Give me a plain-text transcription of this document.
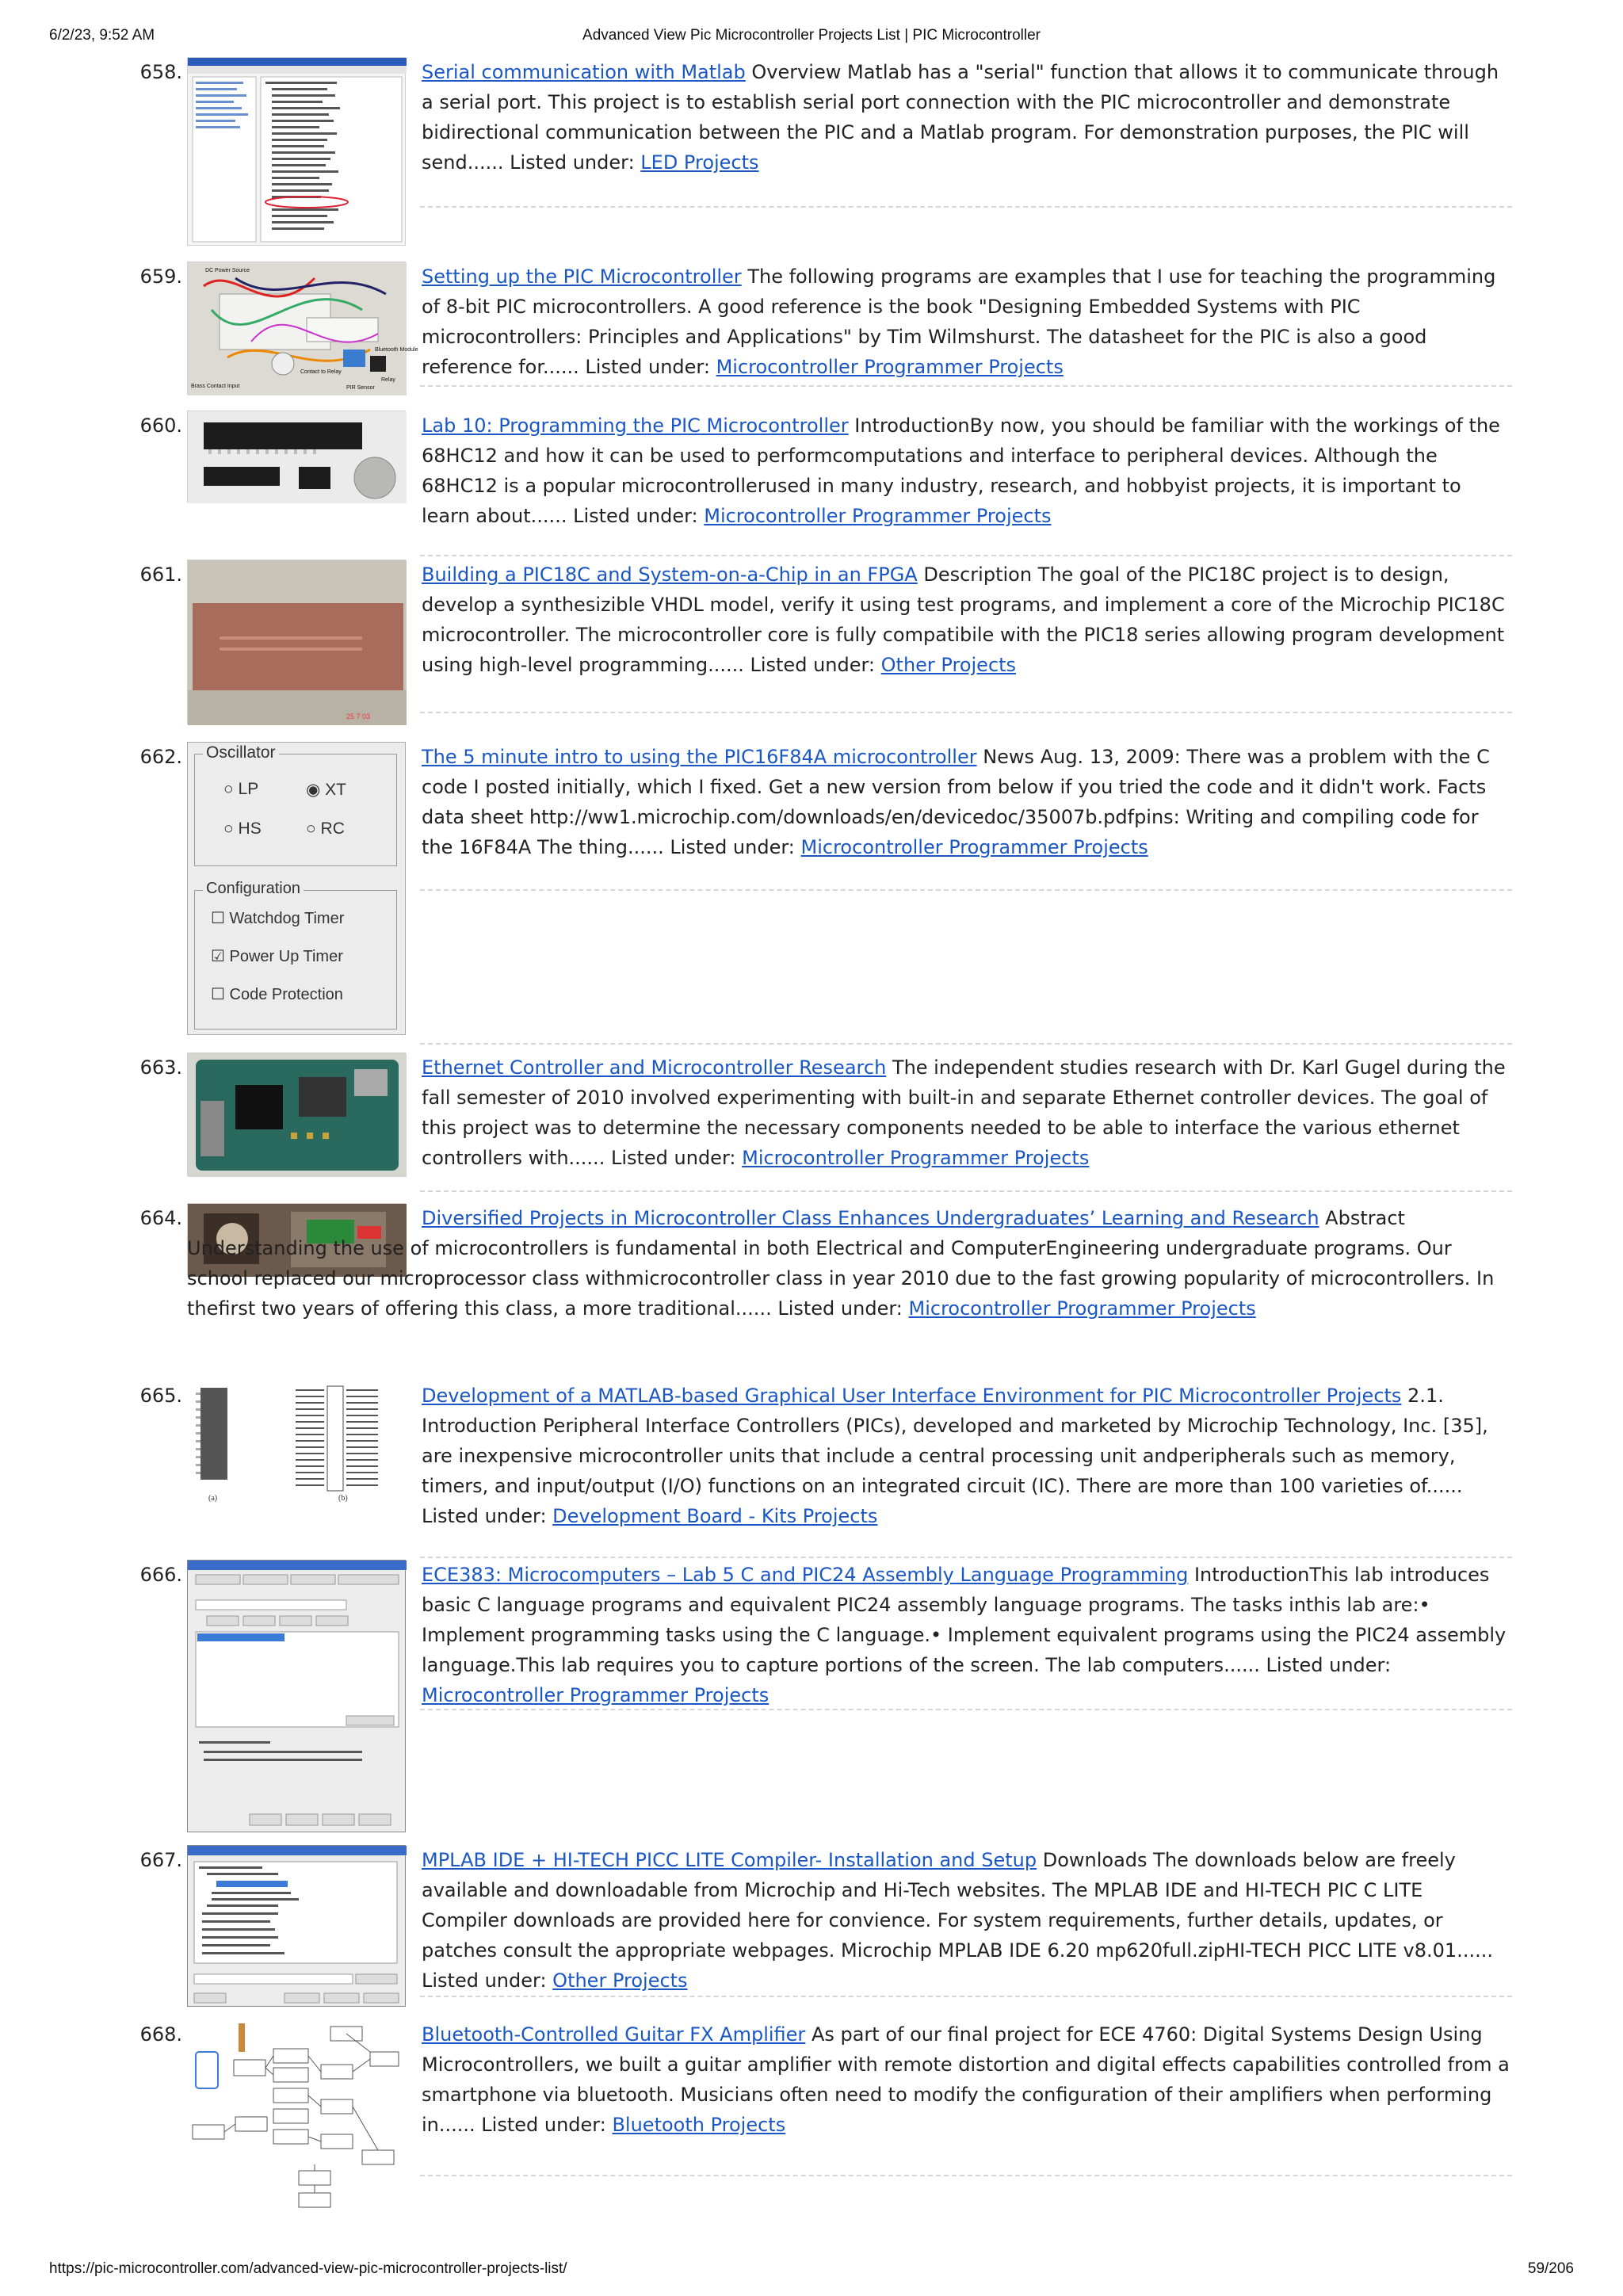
6/2/23, 9:52 AM	Advanced View Pic Microcontroller Projects List | PIC Microcontroller
658.	Serial communication with Matlab Overview Matlab has a "serial" function that allows it to communicate through a serial port. This project is to establish serial port connection with the PIC microcontroller and demonstrate bidirectional communication between the PIC and a Matlab program. For demonstration purposes, the PIC will send...... Listed under: LED Projects
659.	DC Power Source
Bluetooth Module
Relay
PIR Sensor
Brass Contact Input
Contact to Relay
Setting up the PIC Microcontroller The following programs are examples that I use for teaching the programming of 8-bit PIC microcontrollers. A good reference is the book "Designing Embedded Systems with PIC microcontrollers: Principles and Applications" by Tim Wilmshurst. The datasheet for the PIC is also a good reference for...... Listed under: Microcontroller Programmer Projects
660.	Lab 10: Programming the PIC Microcontroller IntroductionBy now, you should be familiar with the workings of the 68HC12 and how it can be used to performcomputations and interface to peripheral devices. Although the 68HC12 is a popular microcontrollerused in many industry, research, and hobbyist projects, it is important to learn about...... Listed under: Microcontroller Programmer Projects
661.
25 7 03
Building a PIC18C and System-on-a-Chip in an FPGA Description The goal of the PIC18C project is to design, develop a synthesizible VHDL model, verify it using test programs, and implement a core of the Microchip PIC18C microcontroller. The microcontroller core is fully compatibile with the PIC18 series allowing program development using high-level programming...... Listed under: Other Projects
662. Oscillator
○ LP	◉ XT
○ HS	○ RC
Configuration
☐ Watchdog Timer
☑ Power Up Timer
☐ Code Protection
The 5 minute intro to using the PIC16F84A microcontroller News Aug. 13, 2009: There was a problem with the C code I posted initially, which I fixed. Get a new version from below if you tried the code and it didn't work. Facts data sheet http://ww1.microchip.com/downloads/en/devicedoc/35007b.pdfpins: Writing and compiling code for the 16F84A The thing...... Listed under: Microcontroller Programmer Projects
663.	Ethernet Controller and Microcontroller Research The independent studies research with Dr. Karl Gugel during the fall semester of 2010 involved experimenting with built-in and separate Ethernet controller devices. The goal of this project was to determine the necessary components needed to be able to interface the various ethernet controllers with...... Listed under: Microcontroller Programmer Projects
664.	Diversified Projects in Microcontroller Class Enhances Undergraduates’ Learning and Research Abstract Understanding the use of microcontrollers is fundamental in both Electrical and ComputerEngineering undergraduate programs. Our school replaced our microprocessor class withmicrocontroller class in year 2010 due to the fast growing popularity of microcontrollers. In thefirst two years of offering this class, a more traditional...... Listed under: Microcontroller Programmer Projects
665.
(a)	(b)
Development of a MATLAB-based Graphical User Interface Environment for PIC Microcontroller Projects 2.1. Introduction Peripheral Interface Controllers (PICs), developed and marketed by Microchip Technology, Inc. [35], are inexpensive microcontroller units that include a central processing unit andperipherals such as memory, timers, and input/output (I/O) functions on an integrated circuit (IC). There are more than 100 varieties of...... Listed under: Development Board - Kits Projects
666.	ECE383: Microcomputers – Lab 5 C and PIC24 Assembly Language Programming IntroductionThis lab introduces basic C language programs and equivalent PIC24 assembly language programs. The tasks inthis lab are:• Implement programming tasks using the C language.• Implement equivalent programs using the PIC24 assembly language.This lab requires you to capture portions of the screen. The lab computers...... Listed under: Microcontroller Programmer Projects
667.	MPLAB IDE + HI-TECH PICC LITE Compiler- Installation and Setup Downloads The downloads below are freely available and downloadable from Microchip and Hi-Tech websites. The MPLAB IDE and HI-TECH PIC C LITE Compiler downloads are provided here for convience. For system requirements, further details, updates, or patches consult the appropriate webpages. Microchip MPLAB IDE 6.20 mp620full.zipHI-TECH PICC LITE v8.01...... Listed under: Other Projects
668.	Bluetooth-Controlled Guitar FX Amplifier As part of our final project for ECE 4760: Digital Systems Design Using Microcontrollers, we built a guitar amplifier with remote distortion and digital effects capabilities controlled from a smartphone via bluetooth. Musicians often need to modify the configuration of their amplifiers when performing in...... Listed under: Bluetooth Projects
https://pic-microcontroller.com/advanced-view-pic-microcontroller-projects-list/	59/206
